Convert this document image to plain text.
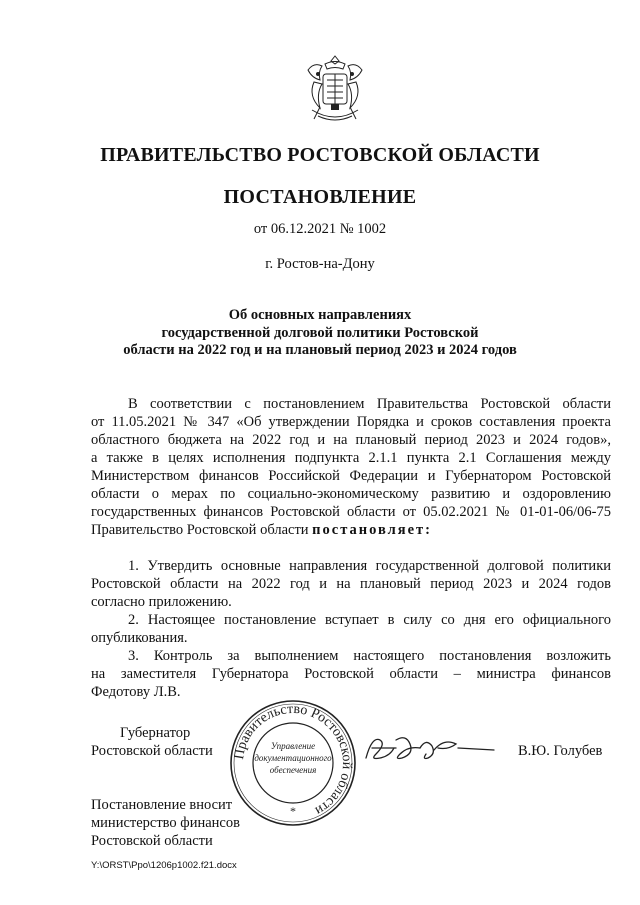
ПРАВИТЕЛЬСТВО РОСТОВСКОЙ ОБЛАСТИ
ПОСТАНОВЛЕНИЕ
от 06.12.2021 № 1002
г. Ростов-на-Дону
Об основных направлениях
государственной долговой политики Ростовской
области на 2022 год и на плановый период 2023 и 2024 годов
В соответствии с постановлением Правительства Ростовской области
от 11.05.2021 № 347 «Об утверждении Порядка и сроков составления проекта
областного бюджета на 2022 год и на плановый период 2023 и 2024 годов»,
а также в целях исполнения подпункта 2.1.1 пункта 2.1 Соглашения между
Министерством финансов Российской Федерации и Губернатором Ростовской
области о мерах по социально-экономическому развитию и оздоровлению
государственных финансов Ростовской области от 05.02.2021 № 01-01-06/06-75
Правительство Ростовской области постановляет:
1. Утвердить основные направления государственной долговой политики
Ростовской области на 2022 год и на плановый период 2023 и 2024 годов
согласно приложению.
2. Настоящее постановление вступает в силу со дня его официального
опубликования.
3. Контроль за выполнением настоящего постановления возложить
на заместителя Губернатора Ростовской области – министра финансов
Федотову Л.В.
Губернатор
Ростовской области	В.Ю. Голубев
Правительство Ростовской области
Управление
документационного
обеспечения
*
Постановление вносит
министерство финансов
Ростовской области
Y:\ORST\Ppo\1206p1002.f21.docx
